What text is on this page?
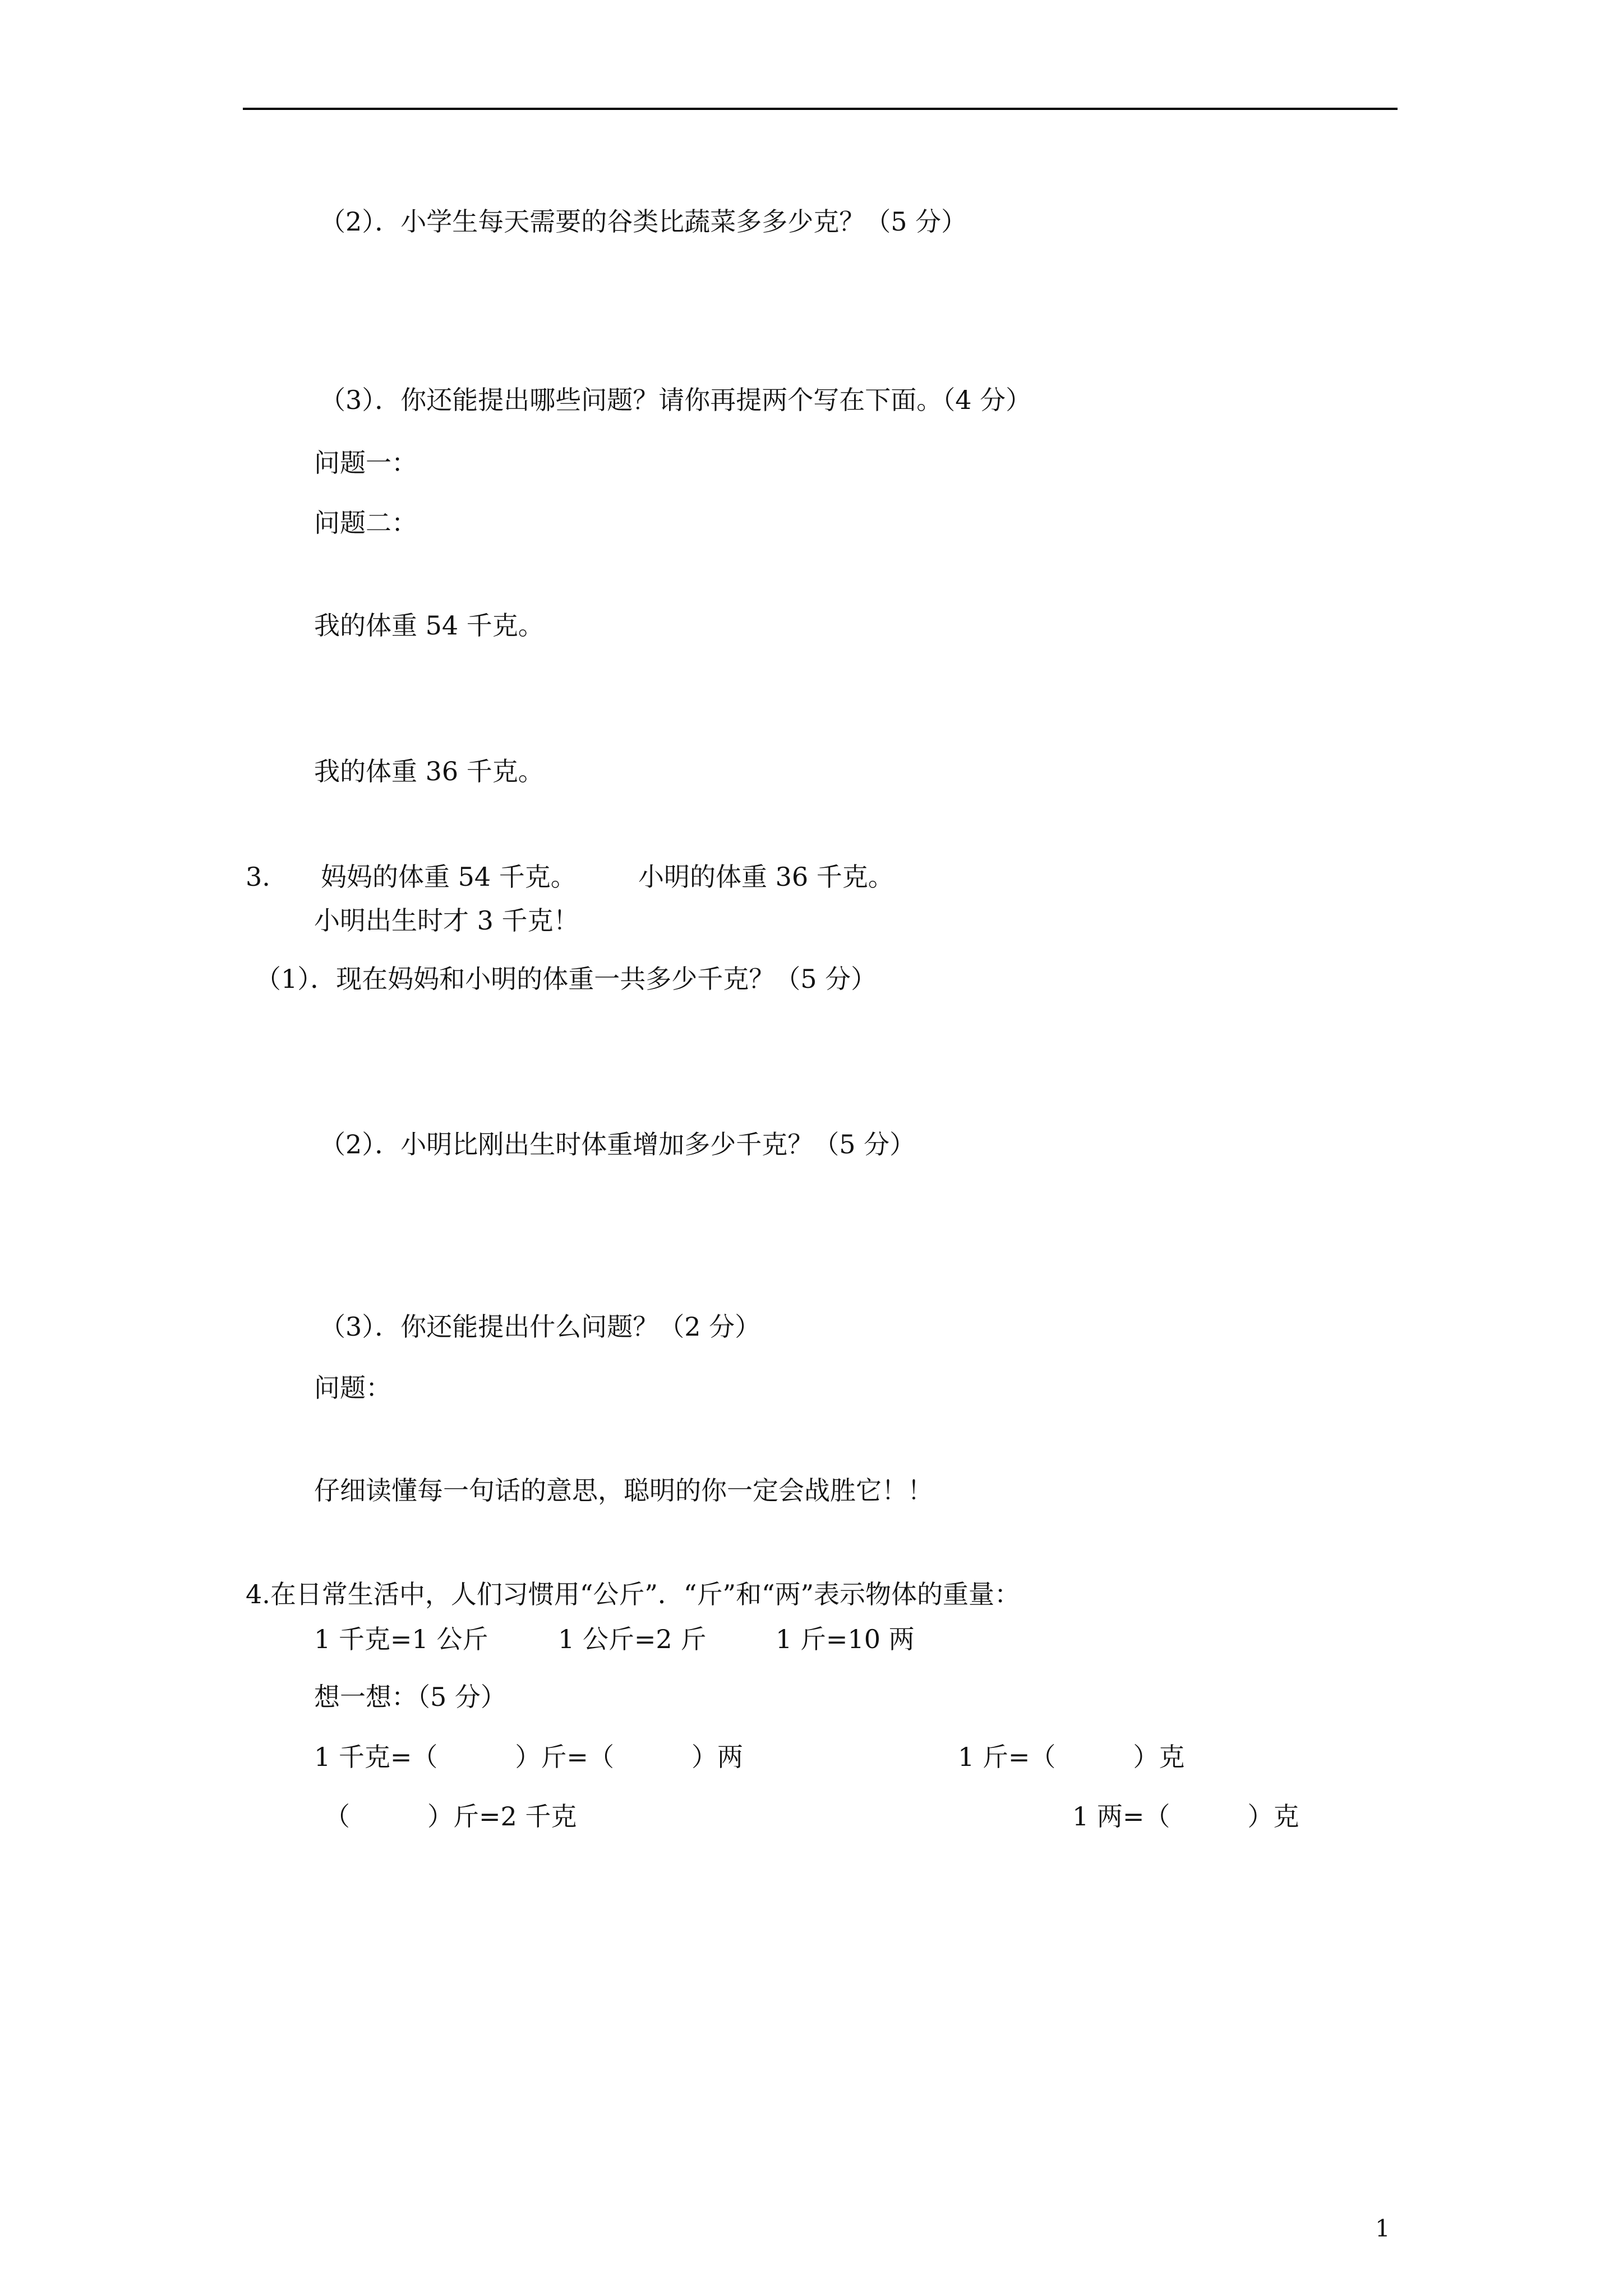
（2）．小学生每天需要的谷类比蔬菜多多少克？（5 分）
（3）．你还能提出哪些问题？请你再提两个写在下面。（4 分）
问题一：
问题二：
我的体重 54 千克。
我的体重 36 千克。
3. 妈妈的体重 54 千克。 小明的体重 36 千克。
小明出生时才 3 千克！
（1）．现在妈妈和小明的体重一共多少千克？（5 分）
（2）．小明比刚出生时体重增加多少千克？（5 分）
（3）．你还能提出什么问题？（2 分）
问题：
仔细读懂每一句话的意思，聪明的你一定会战胜它！！
4.在日常生活中，人们习惯用“公斤”．“斤”和“两”表示物体的重量：
1 千克=1 公斤	1 公斤=2 斤	1 斤=10 两
想一想：（5 分）
1 千克=（　　　）斤=（　　　）两	1 斤=（　　　）克
（　　　）斤=2 千克	1 两=（　　　）克
1
